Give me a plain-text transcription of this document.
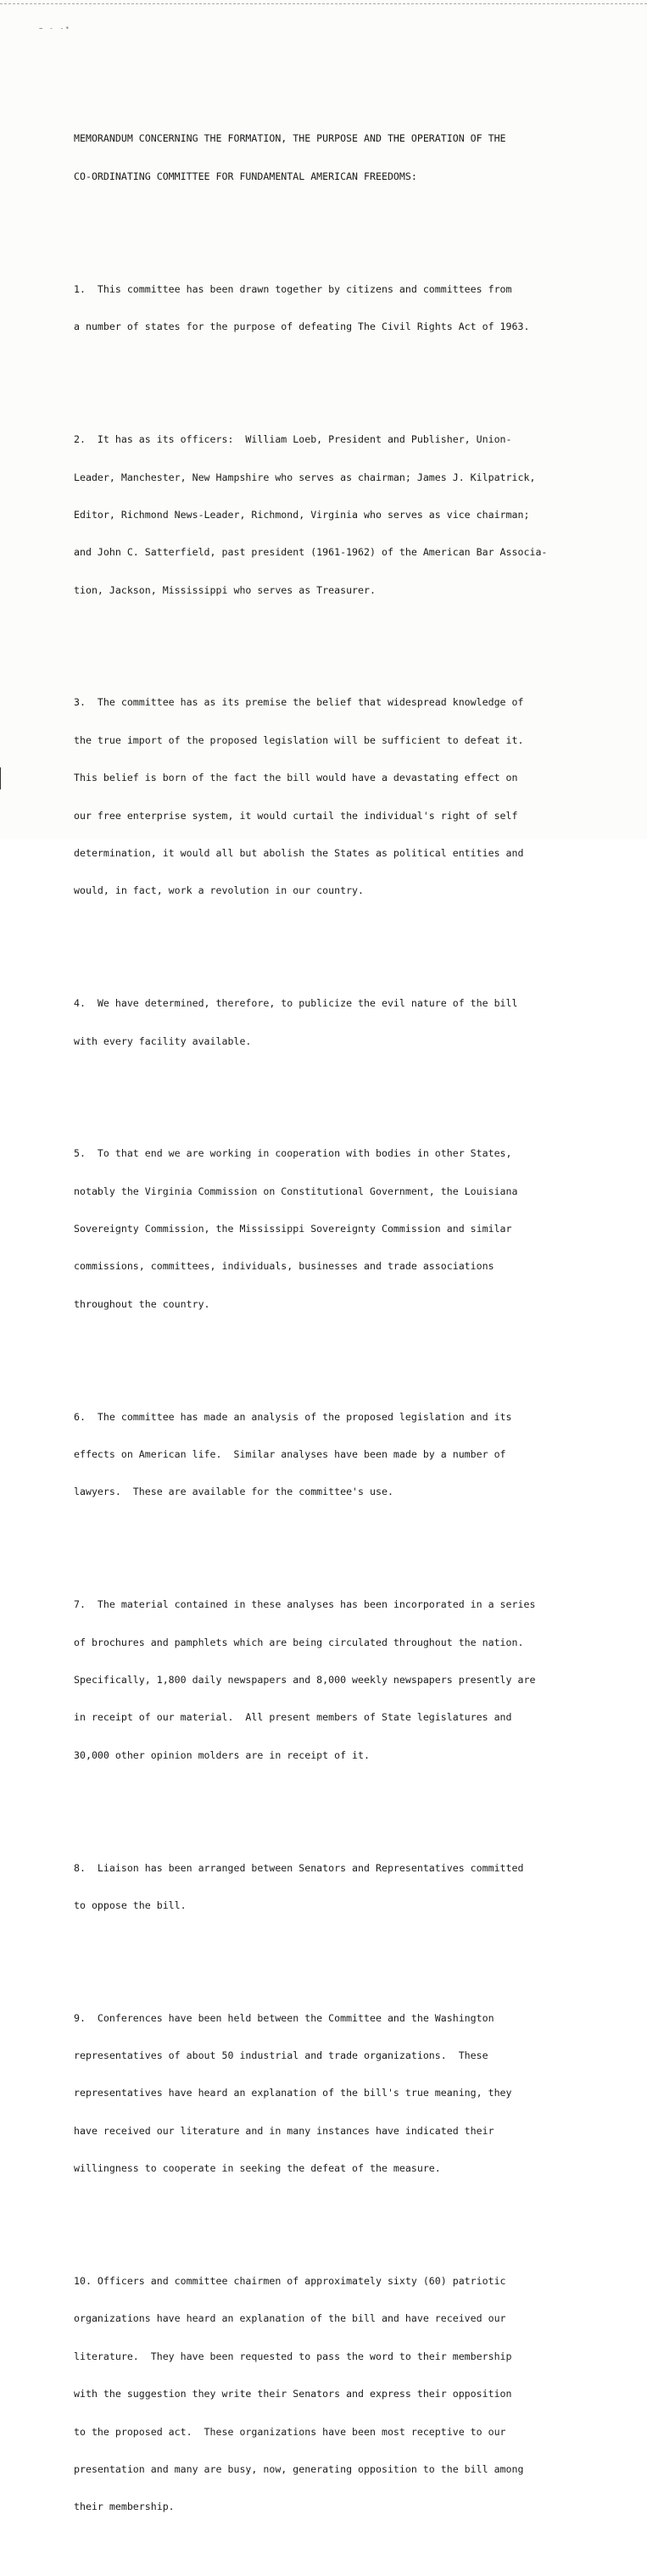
~ - -*

MEMORANDUM CONCERNING THE FORMATION, THE PURPOSE AND THE OPERATION OF THE

CO-ORDINATING COMMITTEE FOR FUNDAMENTAL AMERICAN FREEDOMS:

1.  This committee has been drawn together by citizens and committees from

a number of states for the purpose of defeating The Civil Rights Act of 1963.

2.  It has as its officers:  William Loeb, President and Publisher, Union-

Leader, Manchester, New Hampshire who serves as chairman; James J. Kilpatrick,

Editor, Richmond News-Leader, Richmond, Virginia who serves as vice chairman;

and John C. Satterfield, past president (1961-1962) of the American Bar Associa-

tion, Jackson, Mississippi who serves as Treasurer.

3.  The committee has as its premise the belief that widespread knowledge of

the true import of the proposed legislation will be sufficient to defeat it.

This belief is born of the fact the bill would have a devastating effect on

our free enterprise system, it would curtail the individual's right of self

determination, it would all but abolish the States as political entities and

would, in fact, work a revolution in our country.

4.  We have determined, therefore, to publicize the evil nature of the bill

with every facility available.

5.  To that end we are working in cooperation with bodies in other States,

notably the Virginia Commission on Constitutional Government, the Louisiana

Sovereignty Commission, the Mississippi Sovereignty Commission and similar

commissions, committees, individuals, businesses and trade associations

throughout the country.

6.  The committee has made an analysis of the proposed legislation and its

effects on American life.  Similar analyses have been made by a number of

lawyers.  These are available for the committee's use.

7.  The material contained in these analyses has been incorporated in a series

of brochures and pamphlets which are being circulated throughout the nation.

Specifically, 1,800 daily newspapers and 8,000 weekly newspapers presently are

in receipt of our material.  All present members of State legislatures and

30,000 other opinion molders are in receipt of it.

8.  Liaison has been arranged between Senators and Representatives committed

to oppose the bill.

9.  Conferences have been held between the Committee and the Washington

representatives of about 50 industrial and trade organizations.  These

representatives have heard an explanation of the bill's true meaning, they

have received our literature and in many instances have indicated their

willingness to cooperate in seeking the defeat of the measure.

10. Officers and committee chairmen of approximately sixty (60) patriotic

organizations have heard an explanation of the bill and have received our

literature.  They have been requested to pass the word to their membership

with the suggestion they write their Senators and express their opposition

to the proposed act.  These organizations have been most receptive to our

presentation and many are busy, now, generating opposition to the bill among

their membership.
